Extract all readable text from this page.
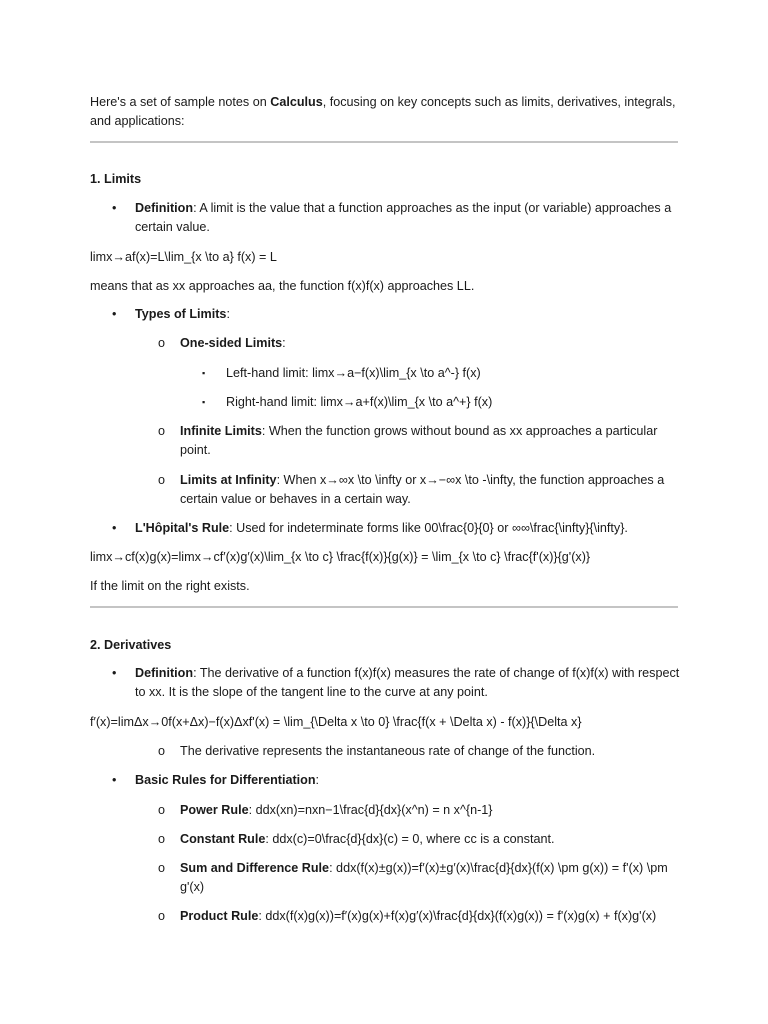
Here's a set of sample notes on Calculus, focusing on key concepts such as limits, derivatives, integrals, and applications:
1. Limits
• Definition: A limit is the value that a function approaches as the input (or variable) approaches a certain value.
limx→af(x)=L\lim_{x \to a} f(x) = L
means that as xx approaches aa, the function f(x)f(x) approaches LL.
• Types of Limits:
o One-sided Limits:
▪ Left-hand limit: limx→a−f(x)\lim_{x \to a^-} f(x)
▪ Right-hand limit: limx→a+f(x)\lim_{x \to a^+} f(x)
o Infinite Limits: When the function grows without bound as xx approaches a particular point.
o Limits at Infinity: When x→∞x \to \infty or x→−∞x \to -\infty, the function approaches a certain value or behaves in a certain way.
• L'Hôpital's Rule: Used for indeterminate forms like 00\frac{0}{0} or ∞∞\frac{\infty}{\infty}.
limx→cf(x)g(x)=limx→cf′(x)g′(x)\lim_{x \to c} \frac{f(x)}{g(x)} = \lim_{x \to c} \frac{f'(x)}{g'(x)}
If the limit on the right exists.
2. Derivatives
• Definition: The derivative of a function f(x)f(x) measures the rate of change of f(x)f(x) with respect to xx. It is the slope of the tangent line to the curve at any point.
f′(x)=limΔx→0f(x+Δx)−f(x)Δxf'(x) = \lim_{\Delta x \to 0} \frac{f(x + \Delta x) - f(x)}{\Delta x}
o The derivative represents the instantaneous rate of change of the function.
• Basic Rules for Differentiation:
o Power Rule: ddx(xn)=nxn−1\frac{d}{dx}(x^n) = n x^{n-1}
o Constant Rule: ddx(c)=0\frac{d}{dx}(c) = 0, where cc is a constant.
o Sum and Difference Rule: ddx(f(x)±g(x))=f′(x)±g′(x)\frac{d}{dx}(f(x) \pm g(x)) = f'(x) \pm g'(x)
o Product Rule: ddx(f(x)g(x))=f′(x)g(x)+f(x)g′(x)\frac{d}{dx}(f(x)g(x)) = f'(x)g(x) + f(x)g'(x)
